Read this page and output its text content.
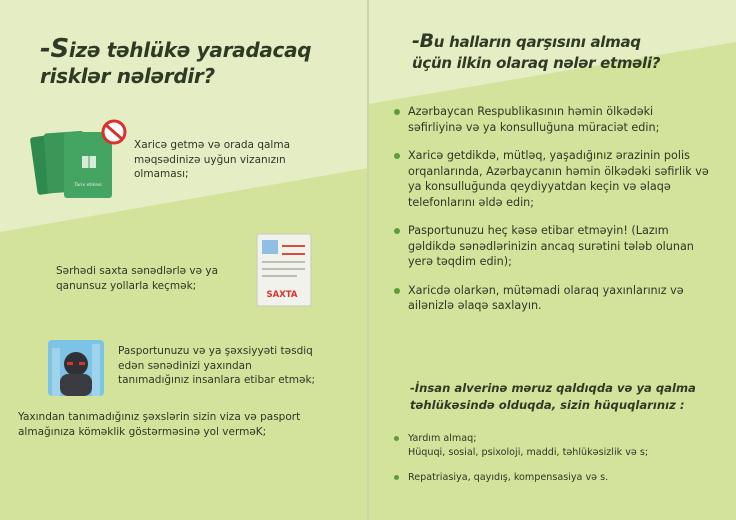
-Sizə təhlükə yaradacaq
risklər nələrdir?
Tarix etikəsi
Xaricə getmə və orada qalma məqsədinizə uyğun vizanızın olmaması;
SAXTA
Sərhədi saxta sənədlərlə və ya qanunsuz yollarla keçmək;
Pasportunuzu və ya şəxsiyyəti təsdiq edən sənədinizi yaxından tanımadığınız insanlara etibar etmək;
Yaxından tanımadığınız şəxslərin sizin viza və pasport almağınıza köməklik göstərməsinə yol verməK;
-Bu halların qarşısını almaq
üçün ilkin olaraq nələr etməli?
Azərbaycan Respublikasının həmin ölkədəki səfirliyinə və ya konsulluğuna müraciət edin;
Xaricə getdikdə, mütləq, yaşadığınız ərazinin polis orqanlarında, Azərbaycanın həmin ölkədəki səfirlik və ya konsulluğunda qeydiyyatdan keçin və əlaqə telefonlarını əldə edin;
Pasportunuzu heç kəsə etibar etməyin! (Lazım gəldikdə sənədlərinizin ancaq surətini tələb olunan yerə təqdim edin);
Xaricdə olarkən, mütəmadi olaraq yaxınlarınız və ailənizlə əlaqə saxlayın.
-İnsan alverinə məruz qaldıqda və ya qalma
təhlükəsində olduqda, sizin hüquqlarınız :
Yardım almaq;
Hüquqi, sosial, psixoloji, maddi, təhlükəsizlik və s;
Repatriasiya, qayıdış, kompensasiya və s.
